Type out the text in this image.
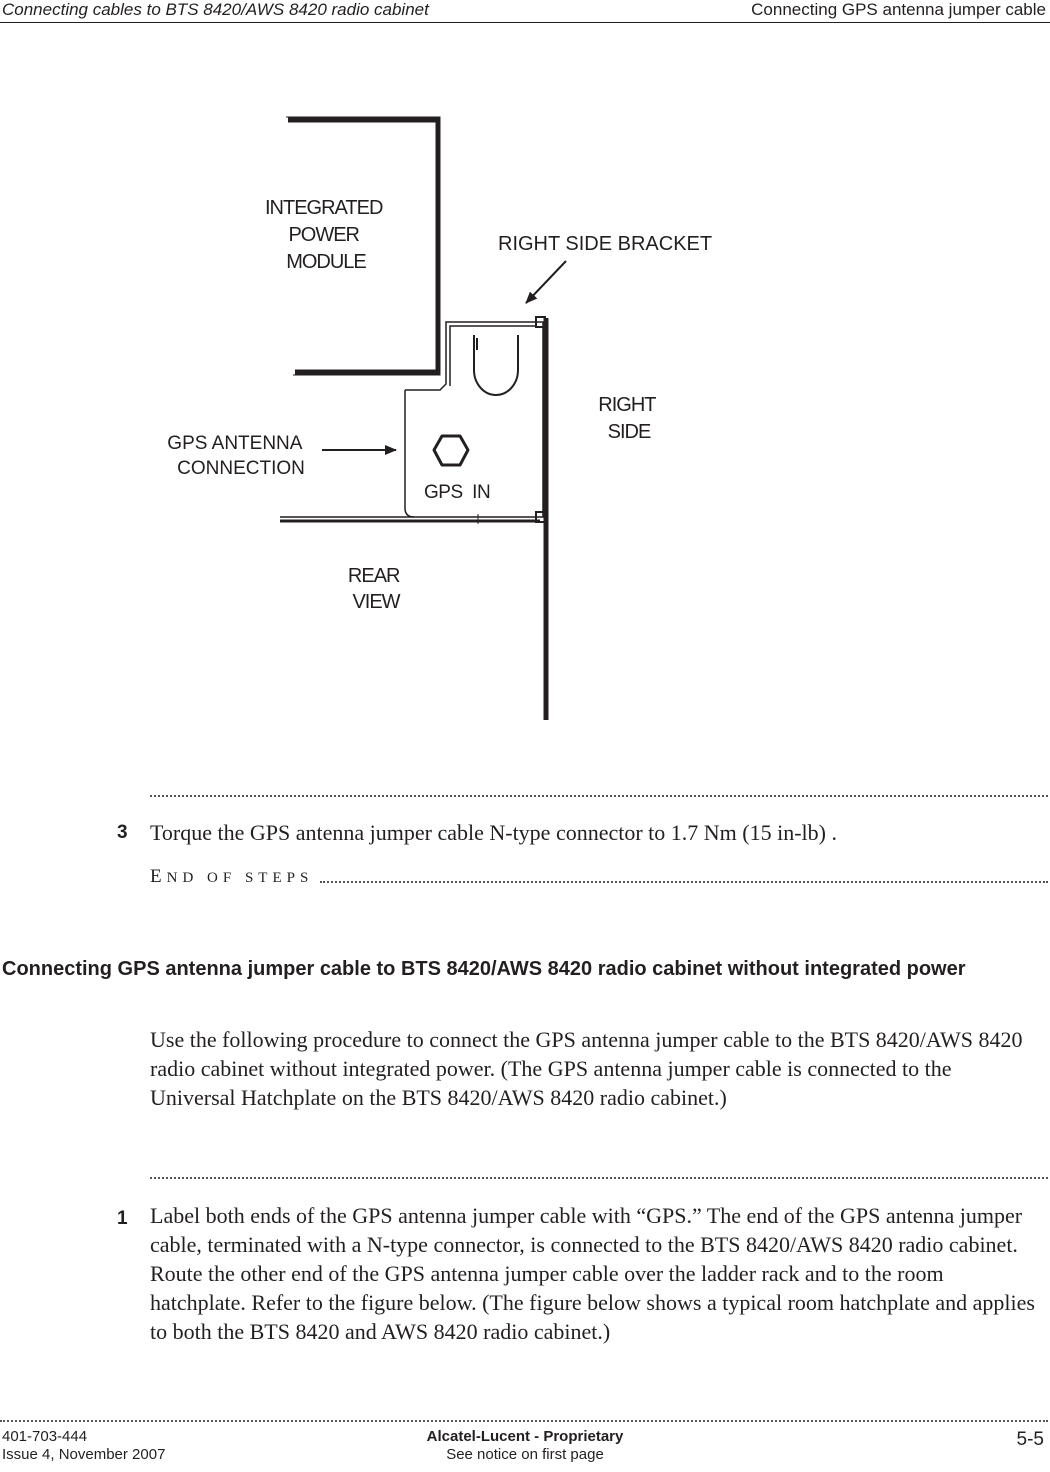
Connecting cables to BTS 8420/AWS 8420 radio cabinet	Connecting GPS antenna jumper cable
INTEGRATED POWER MODULE
RIGHT SIDE BRACKET
RIGHT SIDE
GPS ANTENNA CONNECTION
GPS  IN
REAR VIEW
3 Torque the GPS antenna jumper cable N-type connector to 1.7 Nm (15 in-lb) .
END OF STEPS
Connecting GPS antenna jumper cable to BTS 8420/AWS 8420 radio cabinet without integrated power
Use the following procedure to connect the GPS antenna jumper cable to the BTS 8420/AWS 8420 radio cabinet without integrated power. (The GPS antenna jumper cable is connected to the Universal Hatchplate on the BTS 8420/AWS 8420 radio cabinet.)
1 Label both ends of the GPS antenna jumper cable with “GPS.” The end of the GPS antenna jumper cable, terminated with a N-type connector, is connected to the BTS 8420/AWS 8420 radio cabinet. Route the other end of the GPS antenna jumper cable over the ladder rack and to the room hatchplate. Refer to the figure below. (The figure below shows a typical room hatchplate and applies to both the BTS 8420 and AWS 8420 radio cabinet.)
401-703-444
Issue 4, November 2007
Alcatel-Lucent - Proprietary
See notice on first page
5-5
